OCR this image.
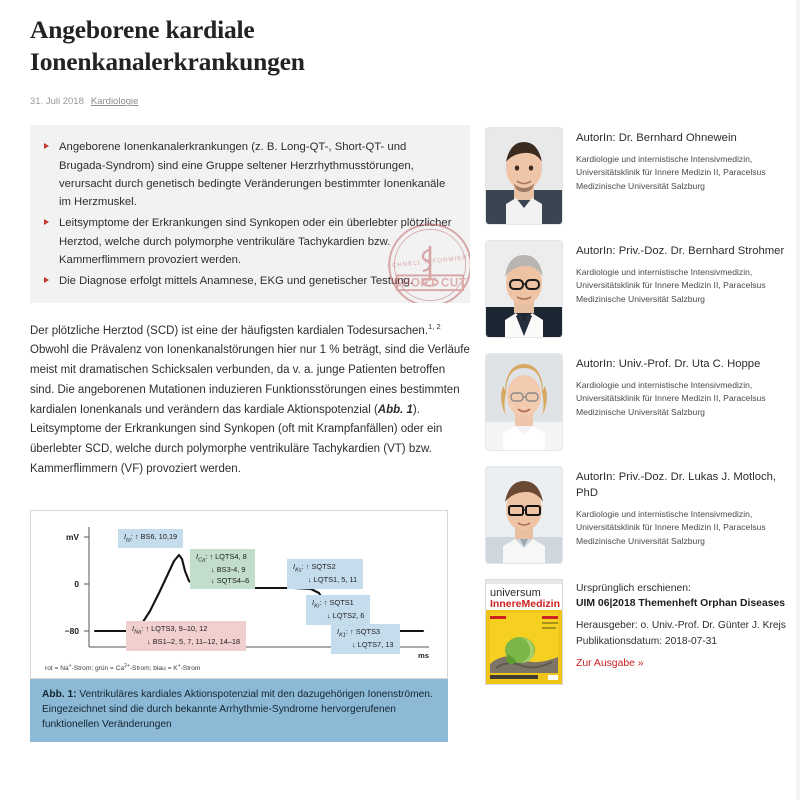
Angeborene kardiale Ionenkanalerkrankungen
31. Juli 2018 Kardiologie
Angeborene Ionenkanalerkrankungen (z. B. Long-QT-, Short-QT- und Brugada-Syndrom) sind eine Gruppe seltener Herzrhythmusstörungen, verursacht durch genetisch bedingte Veränderungen bestimmter Ionenkanäle im Herzmuskel.
Leitsymptome der Erkrankungen sind Synkopen oder ein überlebter plötzlicher Herztod, welche durch polymorphe ventrikuläre Tachykardien bzw. Kammerflimmern provoziert werden.
Die Diagnose erfolgt mittels Anamnese, EKG und genetischer Testung.
SCHNELL INFORMIERT
SHORT CUT

Der plötzliche Herztod (SCD) ist eine der häufigsten kardialen Todesursachen.$^{1, 2}$ Obwohl die Prävalenz von Ionenkanalstörungen hier nur 1 % beträgt, sind die Verläufe meist mit dramatischen Schicksalen verbunden, da v. a. junge Patienten betroffen sind. Die angeborenen Mutationen induzieren Funktionsstörungen eines bestimmten kardialen Ionenkanals und verändern das kardiale Aktionspotenzial (Abb. 1). Leitsymptome der Erkrankungen sind Synkopen (oft mit Krampfanfällen) oder ein überlebter SCD, welche durch polymorphe ventrikuläre Tachykardien (VT) bzw. Kammerflimmern (VF) provoziert werden.

mV
0
−80
$I_{to}$: ↑ BS6, 10,19
$I_{Ca}$: ↑ LQTS4, 8
↓ BS3-4, 9
↓ SQTS4–6
$I_{Ks}$: ↑ SQTS2
↓ LQTS1, 5, 11
$I_{Kr}$: ↑ SQTS1
↓ LQTS2, 6
$I_{K1}$: ↑ SQTS3
↓ LQTS7, 13
$I_{Na}$: ↑ LQTS3, 9–10, 12
↓ BS1–2, 5, 7, 11–12, 14–18
ms
rot = Na+-Strom; grün = $Ca^{2+}$-Strom; blau = K+-Strom
Abb. 1: Ventrikuläres kardiales Aktionspotenzial mit den dazugehörigen Ionenströmen. Eingezeichnet sind die durch bekannte Arrhythmie-Syndrome hervorgerufenen funktionellen Veränderungen
AutorIn: Dr. Bernhard Ohnewein
Kardiologie und internistische Intensivmedizin, Universitätsklinik für Innere Medizin II, Paracelsus Medizinische Universität Salzburg
AutorIn: Priv.-Doz. Dr. Bernhard Strohmer
Kardiologie und internistische Intensivmedizin, Universitätsklinik für Innere Medizin II, Paracelsus Medizinische Universität Salzburg
AutorIn: Univ.-Prof. Dr. Uta C. Hoppe
Kardiologie und internistische Intensivmedizin, Universitätsklinik für Innere Medizin II, Paracelsus Medizinische Universität Salzburg
AutorIn: Priv.-Doz. Dr. Lukas J. Motloch, PhD
Kardiologie und internistische Intensivmedizin, Universitätsklinik für Innere Medizin II, Paracelsus Medizinische Universität Salzburg
universum
InnereMedizin
Ursprünglich erschienen:
UIM 06|2018 Themenheft Orphan Diseases
Herausgeber: o. Univ.-Prof. Dr. Günter J. Krejs
Publikationsdatum: 2018-07-31
Zur Ausgabe »
